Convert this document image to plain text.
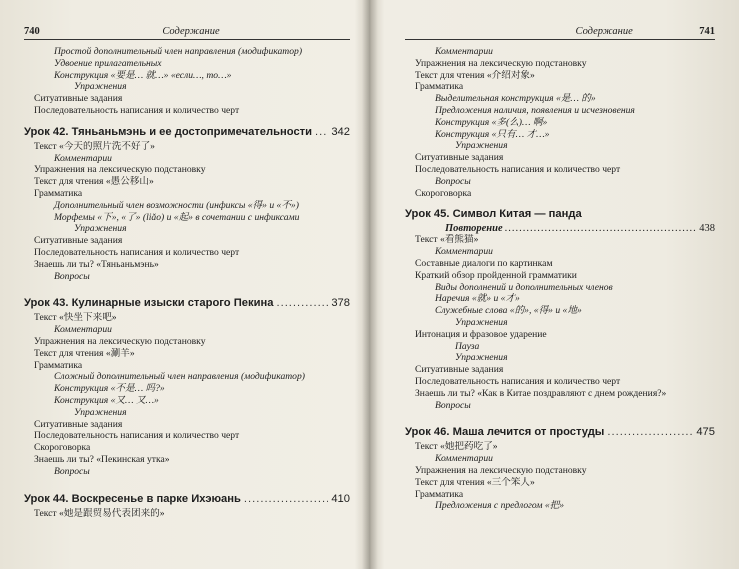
740	Содержание
Простой дополнительный член направления (модификатор)
Удвоение прилагательных
Конструкция «要是… 就…» «если…, то…»
Упражнения
Ситуативные задания
Последовательность написания и количество черт
Урок 42. Тяньаньмэнь и ее достопримечательности ..... 342
Текст «今天的照片洗不好了»
Комментарии
Упражнения на лексическую подстановку
Текст для чтения «愚公移山»
Грамматика
Дополнительный член возможности (инфиксы «得» и «不»)
Морфемы «下», «了» (liǎo) и «起» в сочетании с инфиксами
Упражнения
Ситуативные задания
Последовательность написания и количество черт
Знаешь ли ты? «Тяньаньмэнь»
Вопросы
Урок 43. Кулинарные изыски старого Пекина .....	378
Текст «快坐下来吧»
Комментарии
Упражнения на лексическую подстановку
Текст для чтения «涮羊»
Грамматика
Сложный дополнительный член направления (модификатор)
Конструкция «不是… 吗?»
Конструкция «又… 又…»
Упражнения
Ситуативные задания
Последовательность написания и количество черт
Скороговорка
Знаешь ли ты? «Пекинская утка»
Вопросы
Урок 44. Воскресенье в парке Ихэюань .....	410
Текст «她是跟贸易代表团来的»
Содержание	741
Комментарии
Упражнения на лексическую подстановку
Текст для чтения «介绍对象»
Грамматика
Выделительная конструкция «是… 的»
Предложения наличия, появления и исчезновения
Конструкция «多(么)… 啊»
Конструкция «只有… 才…»
Упражнения
Ситуативные задания
Последовательность написания и количество черт
Вопросы
Скороговорка
Урок 45. Символ Китая — панда
Повторение .....	438
Текст «看熊猫»
Комментарии
Составные диалоги по картинкам
Краткий обзор пройденной грамматики
Виды дополнений и дополнительных членов
Наречия «就» и «才»
Служебные слова «的», «得» и «地»
Упражнения
Интонация и фразовое ударение
Пауза
Упражнения
Ситуативные задания
Последовательность написания и количество черт
Знаешь ли ты? «Как в Китае поздравляют с днем рождения?»
Вопросы
Урок 46. Маша лечится от простуды .....	475
Текст «她把药吃了»
Комментарии
Упражнения на лексическую подстановку
Текст для чтения «三个笨人»
Грамматика
Предложения с предлогом «把»
